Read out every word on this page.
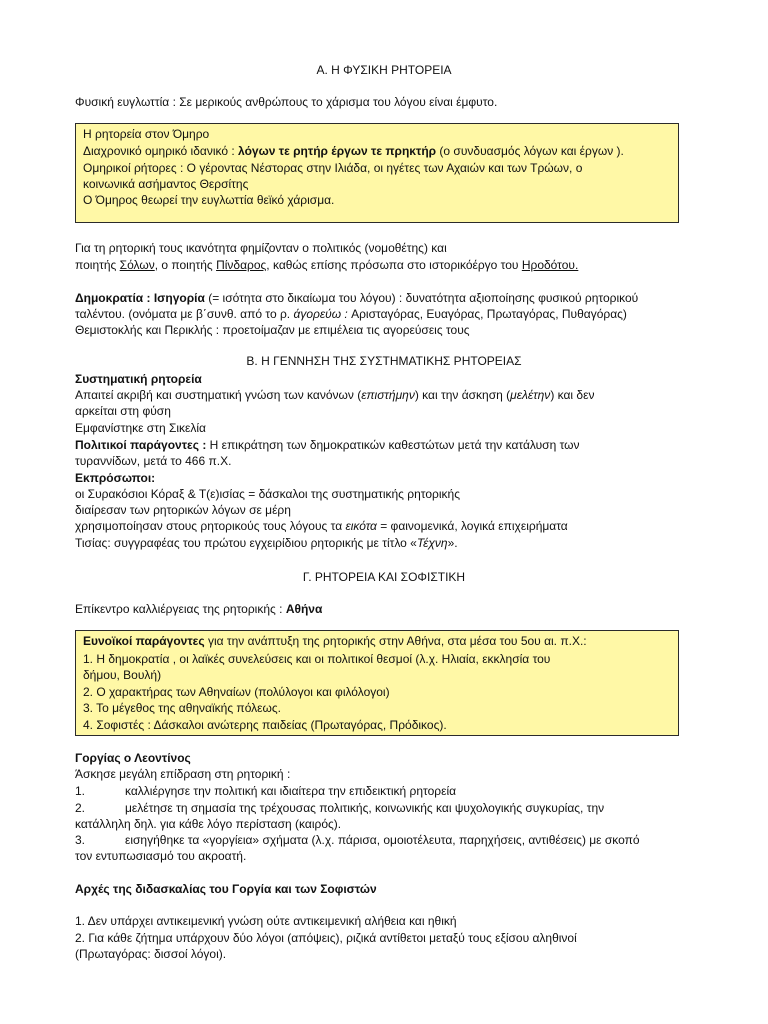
Α. Η ΦΥΣΙΚΗ ΡΗΤΟΡΕΙΑ
Φυσική ευγλωττία : Σε μερικούς ανθρώπους το χάρισμα του λόγου είναι έμφυτο.
Η ρητορεία στον Όμηρο
Διαχρονικό ομηρικό ιδανικό : λόγων τε ρητήρ έργων τε πρηκτήρ (ο συνδυασμός λόγων και έργων ).
Ομηρικοί ρήτορες : Ο γέροντας Νέστορας στην Ιλιάδα, οι ηγέτες των Αχαιών και των Τρώων, ο
κοινωνικά ασήμαντος Θερσίτης
Ο Όμηρος θεωρεί την ευγλωττία θεϊκό χάρισμα.
Για τη ρητορική τους ικανότητα φημίζονταν ο πολιτικός (νομοθέτης) και
ποιητής Σόλων, ο ποιητής Πίνδαρος, καθώς επίσης πρόσωπα στο ιστορικόέργο του Ηροδότου.
Δημοκρατία : Ισηγορία (= ισότητα στο δικαίωμα του λόγου) : δυνατότητα αξιοποίησης φυσικού ρητορικού
ταλέντου. (ονόματα με β΄συνθ. από το ρ. άγορεύω : Αρισταγόρας, Ευαγόρας, Πρωταγόρας, Πυθαγόρας)
Θεμιστοκλής και Περικλής : προετοίμαζαν με επιμέλεια τις αγορεύσεις τους
Β. Η ΓΕΝΝΗΣΗ ΤΗΣ ΣΥΣΤΗΜΑΤΙΚΗΣ ΡΗΤΟΡΕΙΑΣ
Συστηματική ρητορεία
Απαιτεί ακριβή και συστηματική γνώση των κανόνων (επιστήμην) και την άσκηση (μελέτην) και δεν
αρκείται στη φύση
Εμφανίστηκε στη Σικελία
Πολιτικοί παράγοντες : Η επικράτηση των δημοκρατικών καθεστώτων μετά την κατάλυση των
τυραννίδων, μετά το 466 π.Χ.
Εκπρόσωποι:
οι Συρακόσιοι Κόραξ & Τ(ε)ισίας = δάσκαλοι της συστηματικής ρητορικής
διαίρεσαν των ρητορικών λόγων σε μέρη
χρησιμοποίησαν στους ρητορικούς τους λόγους τα εικότα = φαινομενικά, λογικά επιχειρήματα
Τισίας: συγγραφέας του πρώτου εγχειρίδιου ρητορικής με τίτλο «Τέχνη».
Γ. ΡΗΤΟΡΕΙΑ ΚΑΙ ΣΟΦΙΣΤΙΚΗ
Επίκεντρο καλλιέργειας της ρητορικής : Αθήνα
Ευνοϊκοί παράγοντες για την ανάπτυξη της ρητορικής στην Αθήνα, στα μέσα του 5ου αι. π.Χ.:
1. Η δημοκρατία , οι λαϊκές συνελεύσεις και οι πολιτικοί θεσμοί (λ.χ. Ηλιαία, εκκλησία του
δήμου, Βουλή)
2. Ο χαρακτήρας των Αθηναίων (πολύλογοι και φιλόλογοι)
3. Το μέγεθος της αθηναϊκής πόλεως.
4. Σοφιστές : Δάσκαλοι ανώτερης παιδείας (Πρωταγόρας, Πρόδικος).
Γοργίας ο Λεοντίνος
Άσκησε μεγάλη επίδραση στη ρητορική :
1.	καλλιέργησε την πολιτική και ιδιαίτερα την επιδεικτική ρητορεία
2.	μελέτησε τη σημασία της τρέχουσας πολιτικής, κοινωνικής και ψυχολογικής συγκυρίας, την
κατάλληλη δηλ. για κάθε λόγο περίσταση (καιρός).
3.	εισηγήθηκε τα «γοργίεια» σχήματα (λ.χ. πάρισα, ομοιοτέλευτα, παρηχήσεις, αντιθέσεις) με σκοπό
τον εντυπωσιασμό του ακροατή.
Αρχές της διδασκαλίας του Γοργία και των Σοφιστών
1. Δεν υπάρχει αντικειμενική γνώση ούτε αντικειμενική αλήθεια και ηθική
2. Για κάθε ζήτημα υπάρχουν δύο λόγοι (απόψεις), ριζικά αντίθετοι μεταξύ τους εξίσου αληθινοί
(Πρωταγόρας: δισσοί λόγοι).
